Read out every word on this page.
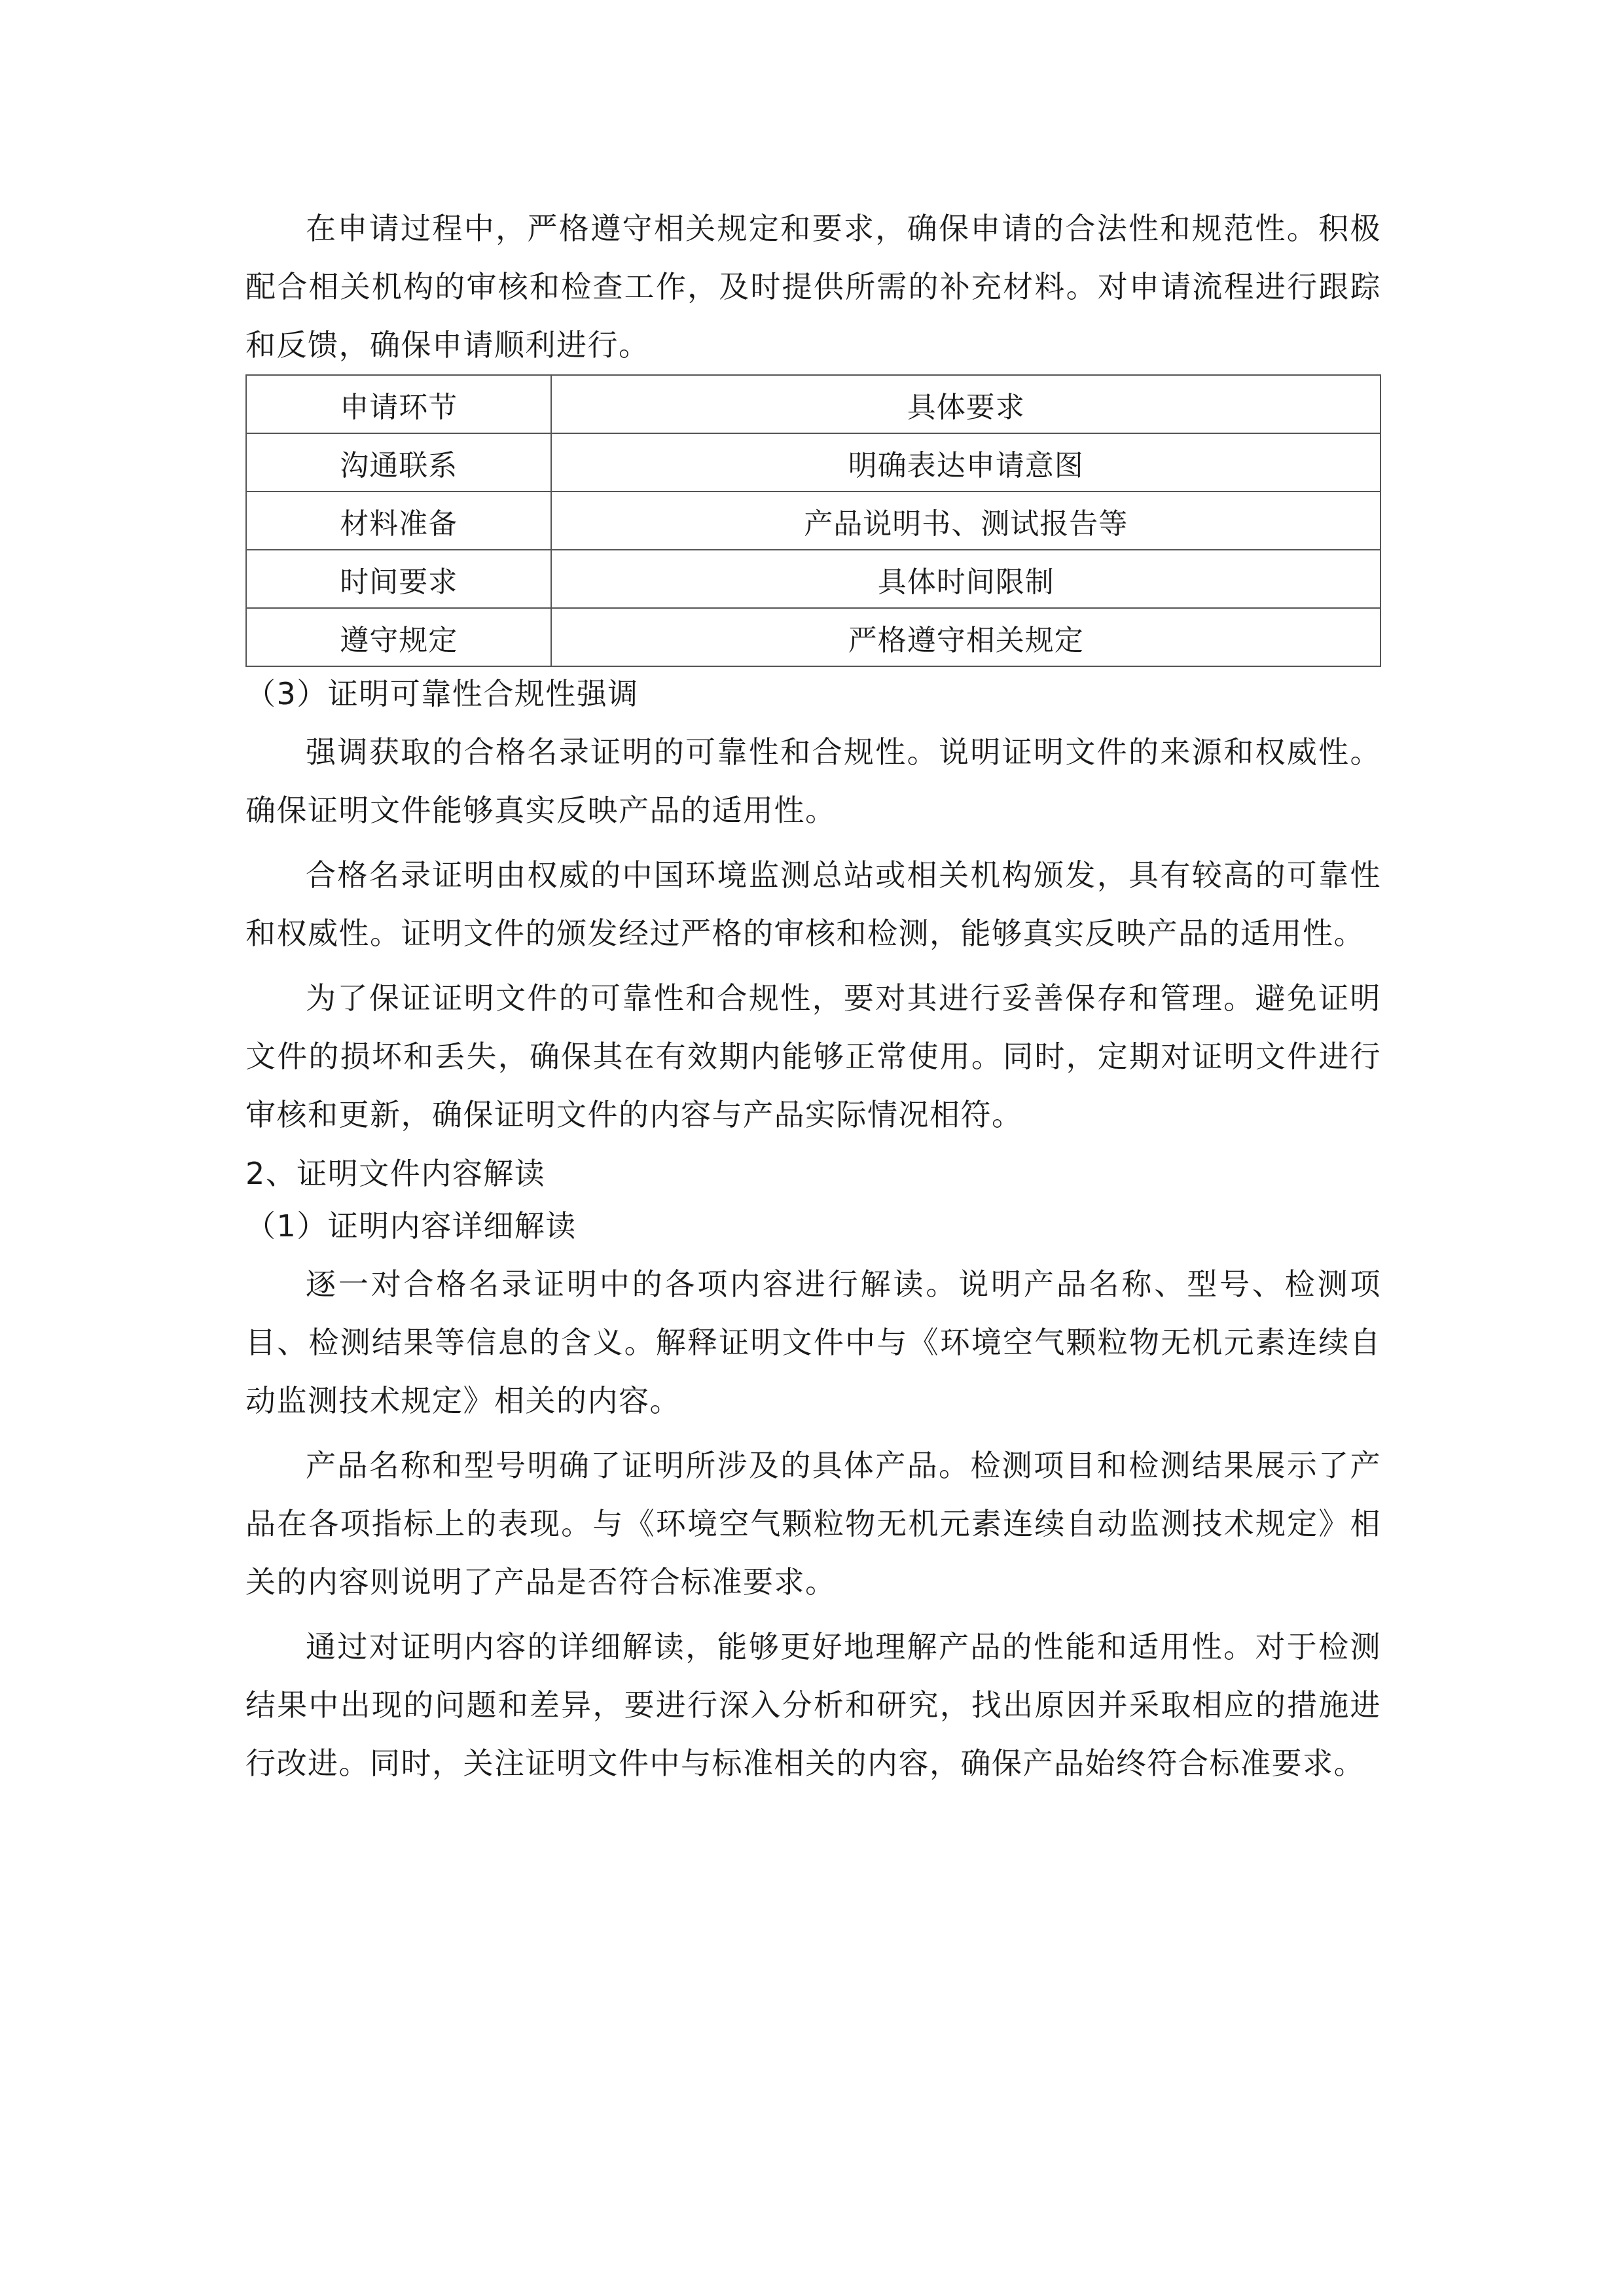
在申请过程中，严格遵守相关规定和要求，确保申请的合法性和规范性。积极配合相关机构的审核和检查工作，及时提供所需的补充材料。对申请流程进行跟踪和反馈，确保申请顺利进行。

申请环节	具体要求
沟通联系	明确表达申请意图
材料准备	产品说明书、测试报告等
时间要求	具体时间限制
遵守规定	严格遵守相关规定

（3）证明可靠性合规性强调

强调获取的合格名录证明的可靠性和合规性。说明证明文件的来源和权威性。确保证明文件能够真实反映产品的适用性。

合格名录证明由权威的中国环境监测总站或相关机构颁发，具有较高的可靠性和权威性。证明文件的颁发经过严格的审核和检测，能够真实反映产品的适用性。

为了保证证明文件的可靠性和合规性，要对其进行妥善保存和管理。避免证明文件的损坏和丢失，确保其在有效期内能够正常使用。同时，定期对证明文件进行审核和更新，确保证明文件的内容与产品实际情况相符。

2、证明文件内容解读

（1）证明内容详细解读

逐一对合格名录证明中的各项内容进行解读。说明产品名称、型号、检测项目、检测结果等信息的含义。解释证明文件中与《环境空气颗粒物无机元素连续自动监测技术规定》相关的内容。

产品名称和型号明确了证明所涉及的具体产品。检测项目和检测结果展示了产品在各项指标上的表现。与《环境空气颗粒物无机元素连续自动监测技术规定》相关的内容则说明了产品是否符合标准要求。

通过对证明内容的详细解读，能够更好地理解产品的性能和适用性。对于检测结果中出现的问题和差异，要进行深入分析和研究，找出原因并采取相应的措施进行改进。同时，关注证明文件中与标准相关的内容，确保产品始终符合标准要求。
